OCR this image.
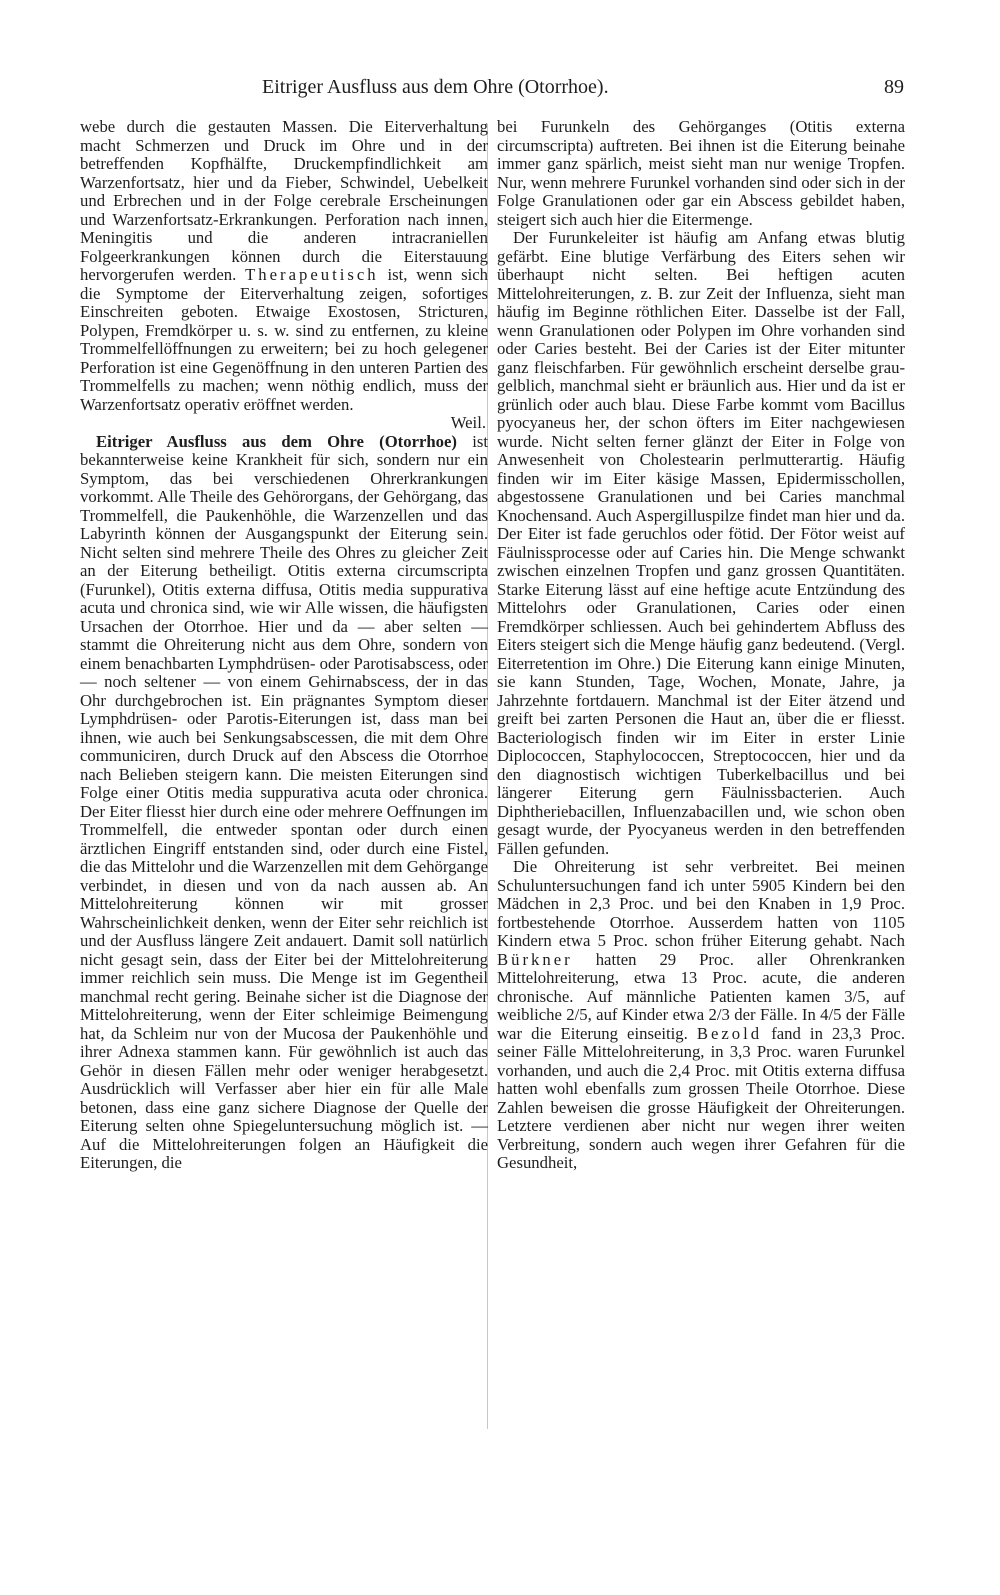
Eitriger Ausfluss aus dem Ohre (Otorrhoe).	89

webe durch die gestauten Massen. Die Eiterverhaltung macht Schmerzen und Druck im Ohre und in der betreffenden Kopfhälfte, Druckempfindlichkeit am Warzenfortsatz, hier und da Fieber, Schwindel, Uebelkeit und Erbrechen und in der Folge cerebrale Erscheinungen und Warzenfortsatz-Erkrankungen. Perforation nach innen, Meningitis und die anderen intracraniellen Folgeerkrankungen können durch die Eiterstauung hervorgerufen werden. Therapeutisch ist, wenn sich die Symptome der Eiterverhaltung zeigen, sofortiges Einschreiten geboten. Etwaige Exostosen, Stricturen, Polypen, Fremdkörper u. s. w. sind zu entfernen, zu kleine Trommelfellöffnungen zu erweitern; bei zu hoch gelegener Perforation ist eine Gegenöffnung in den unteren Partien des Trommelfells zu machen; wenn nöthig endlich, muss der Warzenfortsatz operativ eröffnet werden.
Weil.

Eitriger Ausfluss aus dem Ohre (Otorrhoe) ist bekannterweise keine Krankheit für sich, sondern nur ein Symptom, das bei verschiedenen Ohrerkrankungen vorkommt. Alle Theile des Gehörorgans, der Gehörgang, das Trommelfell, die Paukenhöhle, die Warzenzellen und das Labyrinth können der Ausgangspunkt der Eiterung sein. Nicht selten sind mehrere Theile des Ohres zu gleicher Zeit an der Eiterung betheiligt. Otitis externa circumscripta (Furunkel), Otitis externa diffusa, Otitis media suppurativa acuta und chronica sind, wie wir Alle wissen, die häufigsten Ursachen der Otorrhoe. Hier und da — aber selten — stammt die Ohreiterung nicht aus dem Ohre, sondern von einem benachbarten Lymphdrüsen- oder Parotisabscess, oder — noch seltener — von einem Gehirnabscess, der in das Ohr durchgebrochen ist. Ein prägnantes Symptom dieser Lymphdrüsen- oder Parotis-Eiterungen ist, dass man bei ihnen, wie auch bei Senkungsabscessen, die mit dem Ohre communiciren, durch Druck auf den Abscess die Otorrhoe nach Belieben steigern kann. Die meisten Eiterungen sind Folge einer Otitis media suppurativa acuta oder chronica. Der Eiter fliesst hier durch eine oder mehrere Oeffnungen im Trommelfell, die entweder spontan oder durch einen ärztlichen Eingriff entstanden sind, oder durch eine Fistel, die das Mittelohr und die Warzenzellen mit dem Gehörgange verbindet, in diesen und von da nach aussen ab. An Mittelohreiterung können wir mit grosser Wahrscheinlichkeit denken, wenn der Eiter sehr reichlich ist und der Ausfluss längere Zeit andauert. Damit soll natürlich nicht gesagt sein, dass der Eiter bei der Mittelohreiterung immer reichlich sein muss. Die Menge ist im Gegentheil manchmal recht gering. Beinahe sicher ist die Diagnose der Mittelohreiterung, wenn der Eiter schleimige Beimengung hat, da Schleim nur von der Mucosa der Paukenhöhle und ihrer Adnexa stammen kann. Für gewöhnlich ist auch das Gehör in diesen Fällen mehr oder weniger herabgesetzt. Ausdrücklich will Verfasser aber hier ein für alle Male betonen, dass eine ganz sichere Diagnose der Quelle der Eiterung selten ohne Spiegeluntersuchung möglich ist. — Auf die Mittelohreiterungen folgen an Häufigkeit die Eiterungen, die

bei Furunkeln des Gehörganges (Otitis externa circumscripta) auftreten. Bei ihnen ist die Eiterung beinahe immer ganz spärlich, meist sieht man nur wenige Tropfen. Nur, wenn mehrere Furunkel vorhanden sind oder sich in der Folge Granulationen oder gar ein Abscess gebildet haben, steigert sich auch hier die Eitermenge.

Der Furunkeleiter ist häufig am Anfang etwas blutig gefärbt. Eine blutige Verfärbung des Eiters sehen wir überhaupt nicht selten. Bei heftigen acuten Mittelohreiterungen, z. B. zur Zeit der Influenza, sieht man häufig im Beginne röthlichen Eiter. Dasselbe ist der Fall, wenn Granulationen oder Polypen im Ohre vorhanden sind oder Caries besteht. Bei der Caries ist der Eiter mitunter ganz fleischfarben. Für gewöhnlich erscheint derselbe grau-gelblich, manchmal sieht er bräunlich aus. Hier und da ist er grünlich oder auch blau. Diese Farbe kommt vom Bacillus pyocyaneus her, der schon öfters im Eiter nachgewiesen wurde. Nicht selten ferner glänzt der Eiter in Folge von Anwesenheit von Cholestearin perlmutterartig. Häufig finden wir im Eiter käsige Massen, Epidermisschollen, abgestossene Granulationen und bei Caries manchmal Knochensand. Auch Aspergilluspilze findet man hier und da. Der Eiter ist fade geruchlos oder fötid. Der Fötor weist auf Fäulnissprocesse oder auf Caries hin. Die Menge schwankt zwischen einzelnen Tropfen und ganz grossen Quantitäten. Starke Eiterung lässt auf eine heftige acute Entzündung des Mittelohrs oder Granulationen, Caries oder einen Fremdkörper schliessen. Auch bei gehindertem Abfluss des Eiters steigert sich die Menge häufig ganz bedeutend. (Vergl. Eiterretention im Ohre.) Die Eiterung kann einige Minuten, sie kann Stunden, Tage, Wochen, Monate, Jahre, ja Jahrzehnte fortdauern. Manchmal ist der Eiter ätzend und greift bei zarten Personen die Haut an, über die er fliesst. Bacteriologisch finden wir im Eiter in erster Linie Diplococcen, Staphylococcen, Streptococcen, hier und da den diagnostisch wichtigen Tuberkelbacillus und bei längerer Eiterung gern Fäulnissbacterien. Auch Diphtheriebacillen, Influenzabacillen und, wie schon oben gesagt wurde, der Pyocyaneus werden in den betreffenden Fällen gefunden.

Die Ohreiterung ist sehr verbreitet. Bei meinen Schuluntersuchungen fand ich unter 5905 Kindern bei den Mädchen in 2,3 Proc. und bei den Knaben in 1,9 Proc. fortbestehende Otorrhoe. Ausserdem hatten von 1105 Kindern etwa 5 Proc. schon früher Eiterung gehabt. Nach Bürkner hatten 29 Proc. aller Ohrenkranken Mittelohreiterung, etwa 13 Proc. acute, die anderen chronische. Auf männliche Patienten kamen 3/5, auf weibliche 2/5, auf Kinder etwa 2/3 der Fälle. In 4/5 der Fälle war die Eiterung einseitig. Bezold fand in 23,3 Proc. seiner Fälle Mittelohreiterung, in 3,3 Proc. waren Furunkel vorhanden, und auch die 2,4 Proc. mit Otitis externa diffusa hatten wohl ebenfalls zum grossen Theile Otorrhoe. Diese Zahlen beweisen die grosse Häufigkeit der Ohreiterungen. Letztere verdienen aber nicht nur wegen ihrer weiten Verbreitung, sondern auch wegen ihrer Gefahren für die Gesundheit,
